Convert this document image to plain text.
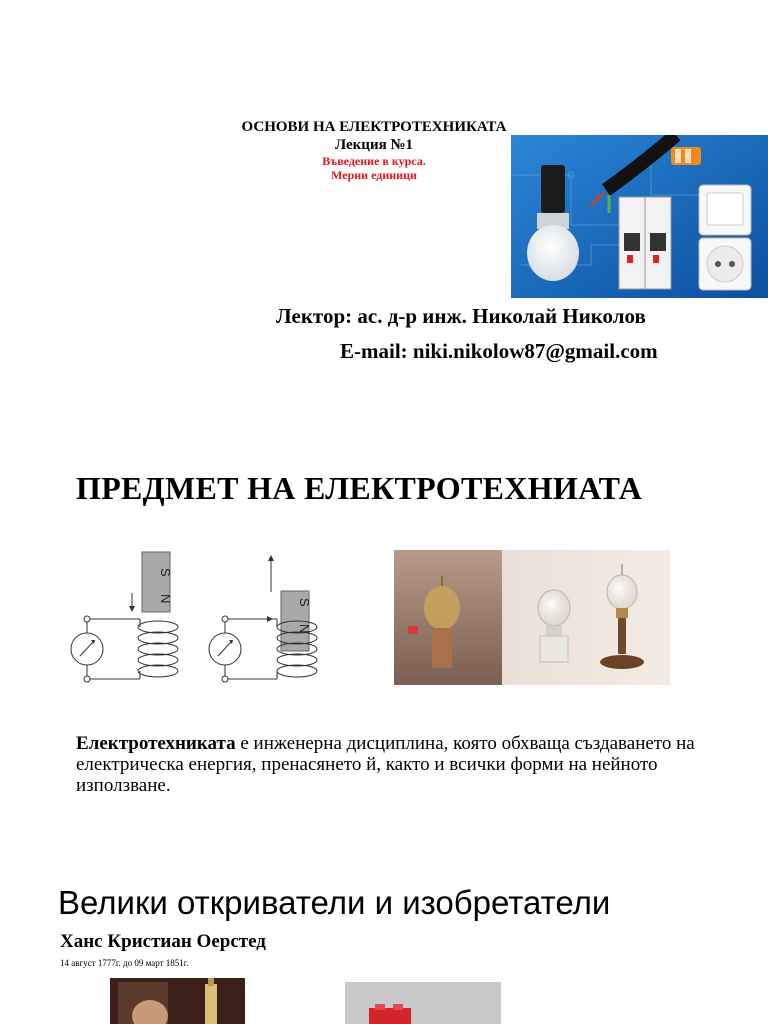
ОСНОВИ НА ЕЛЕКТРОТЕХНИКАТА
Лекция №1
Въведение в курса.
Мерни единици
Лектор: ас. д-р инж. Николай Николов
E-mail: niki.nikolow87@gmail.com
ПРЕДМЕТ НА ЕЛЕКТРОТЕХНИАТА
S
N	S
N
Електротехниката е инженерна дисциплина, която обхваща създаването на електрическа енергия, пренасянето й, както и всички форми на нейното използване.
Велики откриватели и изобретатели
Ханс Кристиан Оерстед
14 август 1777г. до 09 март 1851г.
